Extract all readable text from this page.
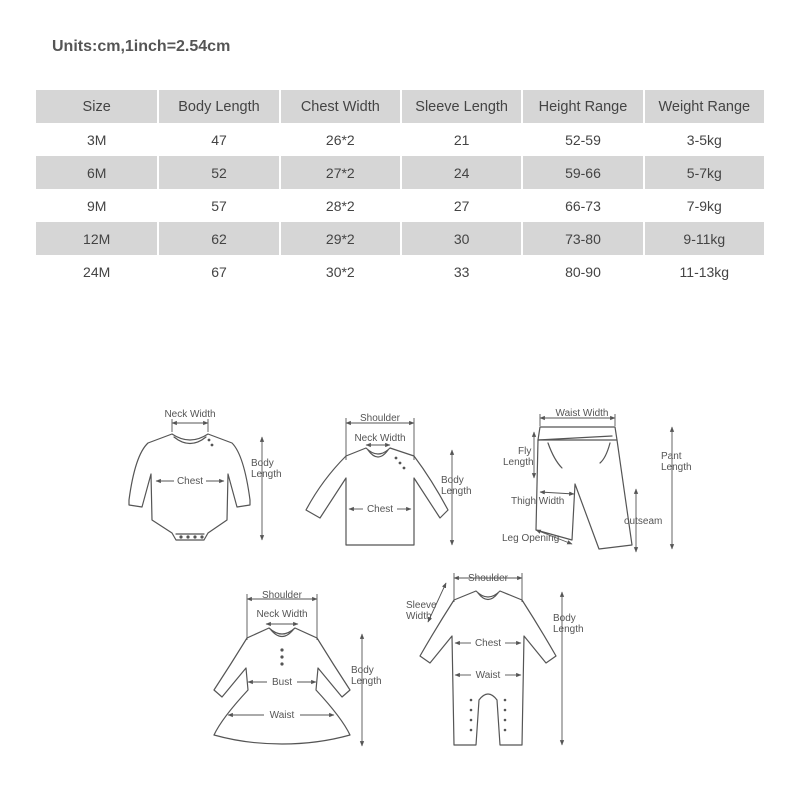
Units:cm,1inch=2.54cm
Size	Body Length	Chest Width	Sleeve Length	Height Range	Weight Range
3M	47	26*2	21	52-59	3-5kg
6M	52	27*2	24	59-66	5-7kg
9M	57	28*2	27	66-73	7-9kg
12M	62	29*2	30	73-80	9-11kg
24M	67	30*2	33	80-90	11-13kg
Neck Width
Chest
Body
Length
Shoulder
Neck Width
Chest
Body
Length
Waist Width
Fly
Length
Thigh Width
Leg Opening
outseam
Pant
Length
Shoulder
Neck Width
Bust
Waist
Body
Length
Shoulder
Sleeve
Width
Chest
Waist
Body
Length
